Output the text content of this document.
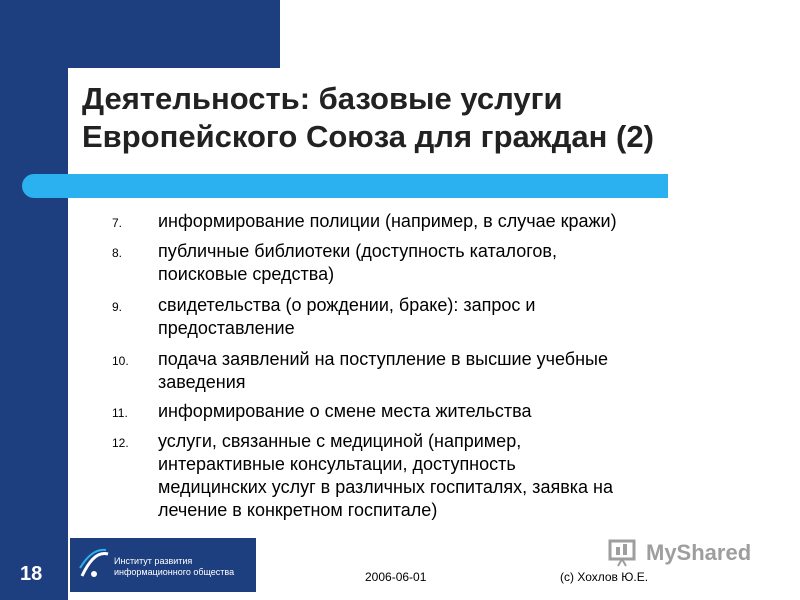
Деятельность: базовые услуги
Европейского Союза для граждан (2)
7.	информирование полиции (например, в случае кражи)
8.	публичные библиотеки (доступность каталогов,
поисковые средства)
9.	свидетельства (о рождении, браке): запрос и
предоставление
10.	подача заявлений на поступление в высшие учебные
заведения
11.	информирование о смене места жительства
12.	услуги, связанные с медициной (например,
интерактивные консультации, доступность
медицинских услуг в различных госпиталях, заявка на
лечение в конкретном госпитале)
18
Институт развития
информационного общества	2006-06-01	(c) Хохлов Ю.Е.
MyShared
